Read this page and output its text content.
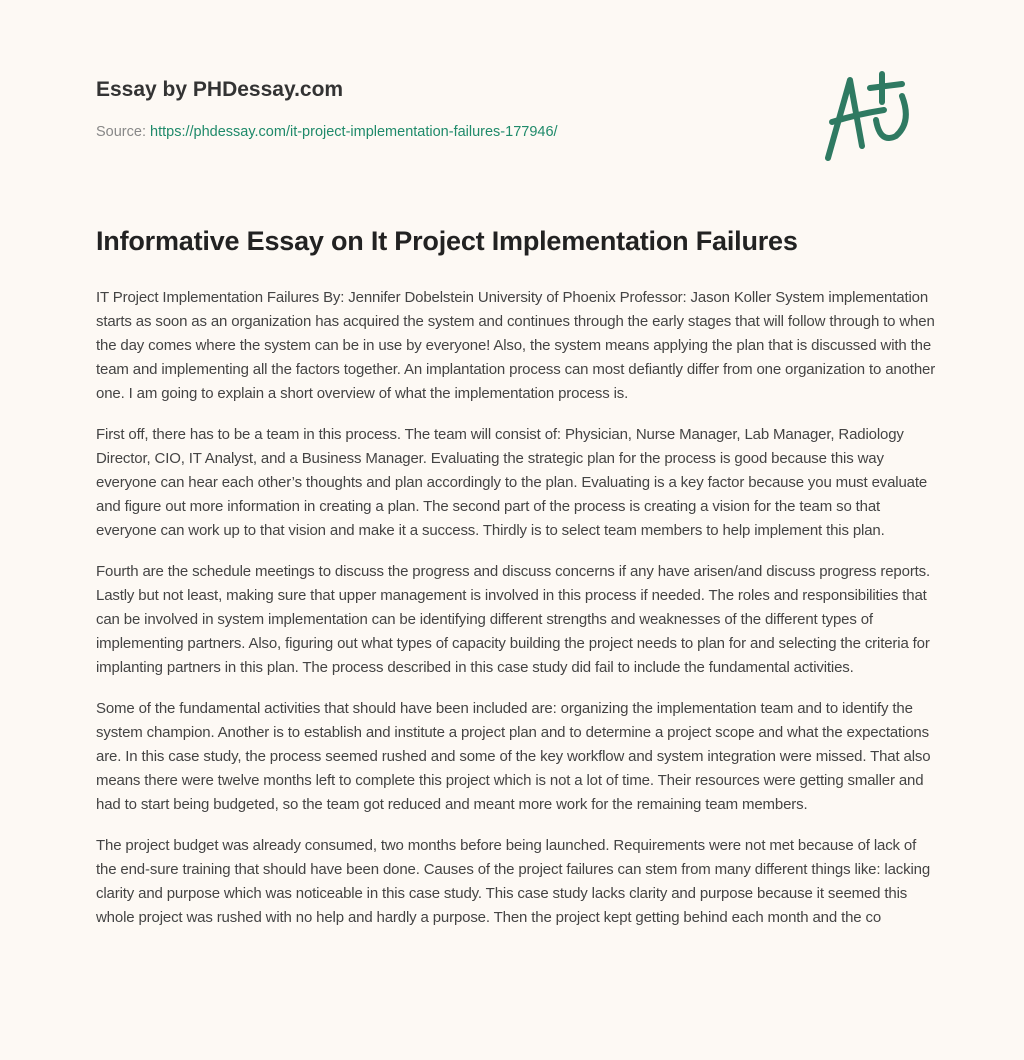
Essay by PHDessay.com
Source: https://phdessay.com/it-project-implementation-failures-177946/
Informative Essay on It Project Implementation Failures

IT Project Implementation Failures By: Jennifer Dobelstein University of Phoenix Professor: Jason Koller System implementation starts as soon as an organization has acquired the system and continues through the early stages that will follow through to when the day comes where the system can be in use by everyone! Also, the system means applying the plan that is discussed with the team and implementing all the factors together. An implantation process can most defiantly differ from one organization to another one. I am going to explain a short overview of what the implementation process is.

First off, there has to be a team in this process. The team will consist of: Physician, Nurse Manager, Lab Manager, Radiology Director, CIO, IT Analyst, and a Business Manager. Evaluating the strategic plan for the process is good because this way everyone can hear each other’s thoughts and plan accordingly to the plan. Evaluating is a key factor because you must evaluate and figure out more information in creating a plan. The second part of the process is creating a vision for the team so that everyone can work up to that vision and make it a success. Thirdly is to select team members to help implement this plan.

Fourth are the schedule meetings to discuss the progress and discuss concerns if any have arisen/and discuss progress reports. Lastly but not least, making sure that upper management is involved in this process if needed. The roles and responsibilities that can be involved in system implementation can be identifying different strengths and weaknesses of the different types of implementing partners. Also, figuring out what types of capacity building the project needs to plan for and selecting the criteria for implanting partners in this plan. The process described in this case study did fail to include the fundamental activities.

Some of the fundamental activities that should have been included are: organizing the implementation team and to identify the system champion. Another is to establish and institute a project plan and to determine a project scope and what the expectations are. In this case study, the process seemed rushed and some of the key workflow and system integration were missed. That also means there were twelve months left to complete this project which is not a lot of time. Their resources were getting smaller and had to start being budgeted, so the team got reduced and meant more work for the remaining team members.

The project budget was already consumed, two months before being launched. Requirements were not met because of lack of the end-sure training that should have been done. Causes of the project failures can stem from many different things like: lacking clarity and purpose which was noticeable in this case study. This case study lacks clarity and purpose because it seemed this whole project was rushed with no help and hardly a purpose. Then the project kept getting behind each month and the co
